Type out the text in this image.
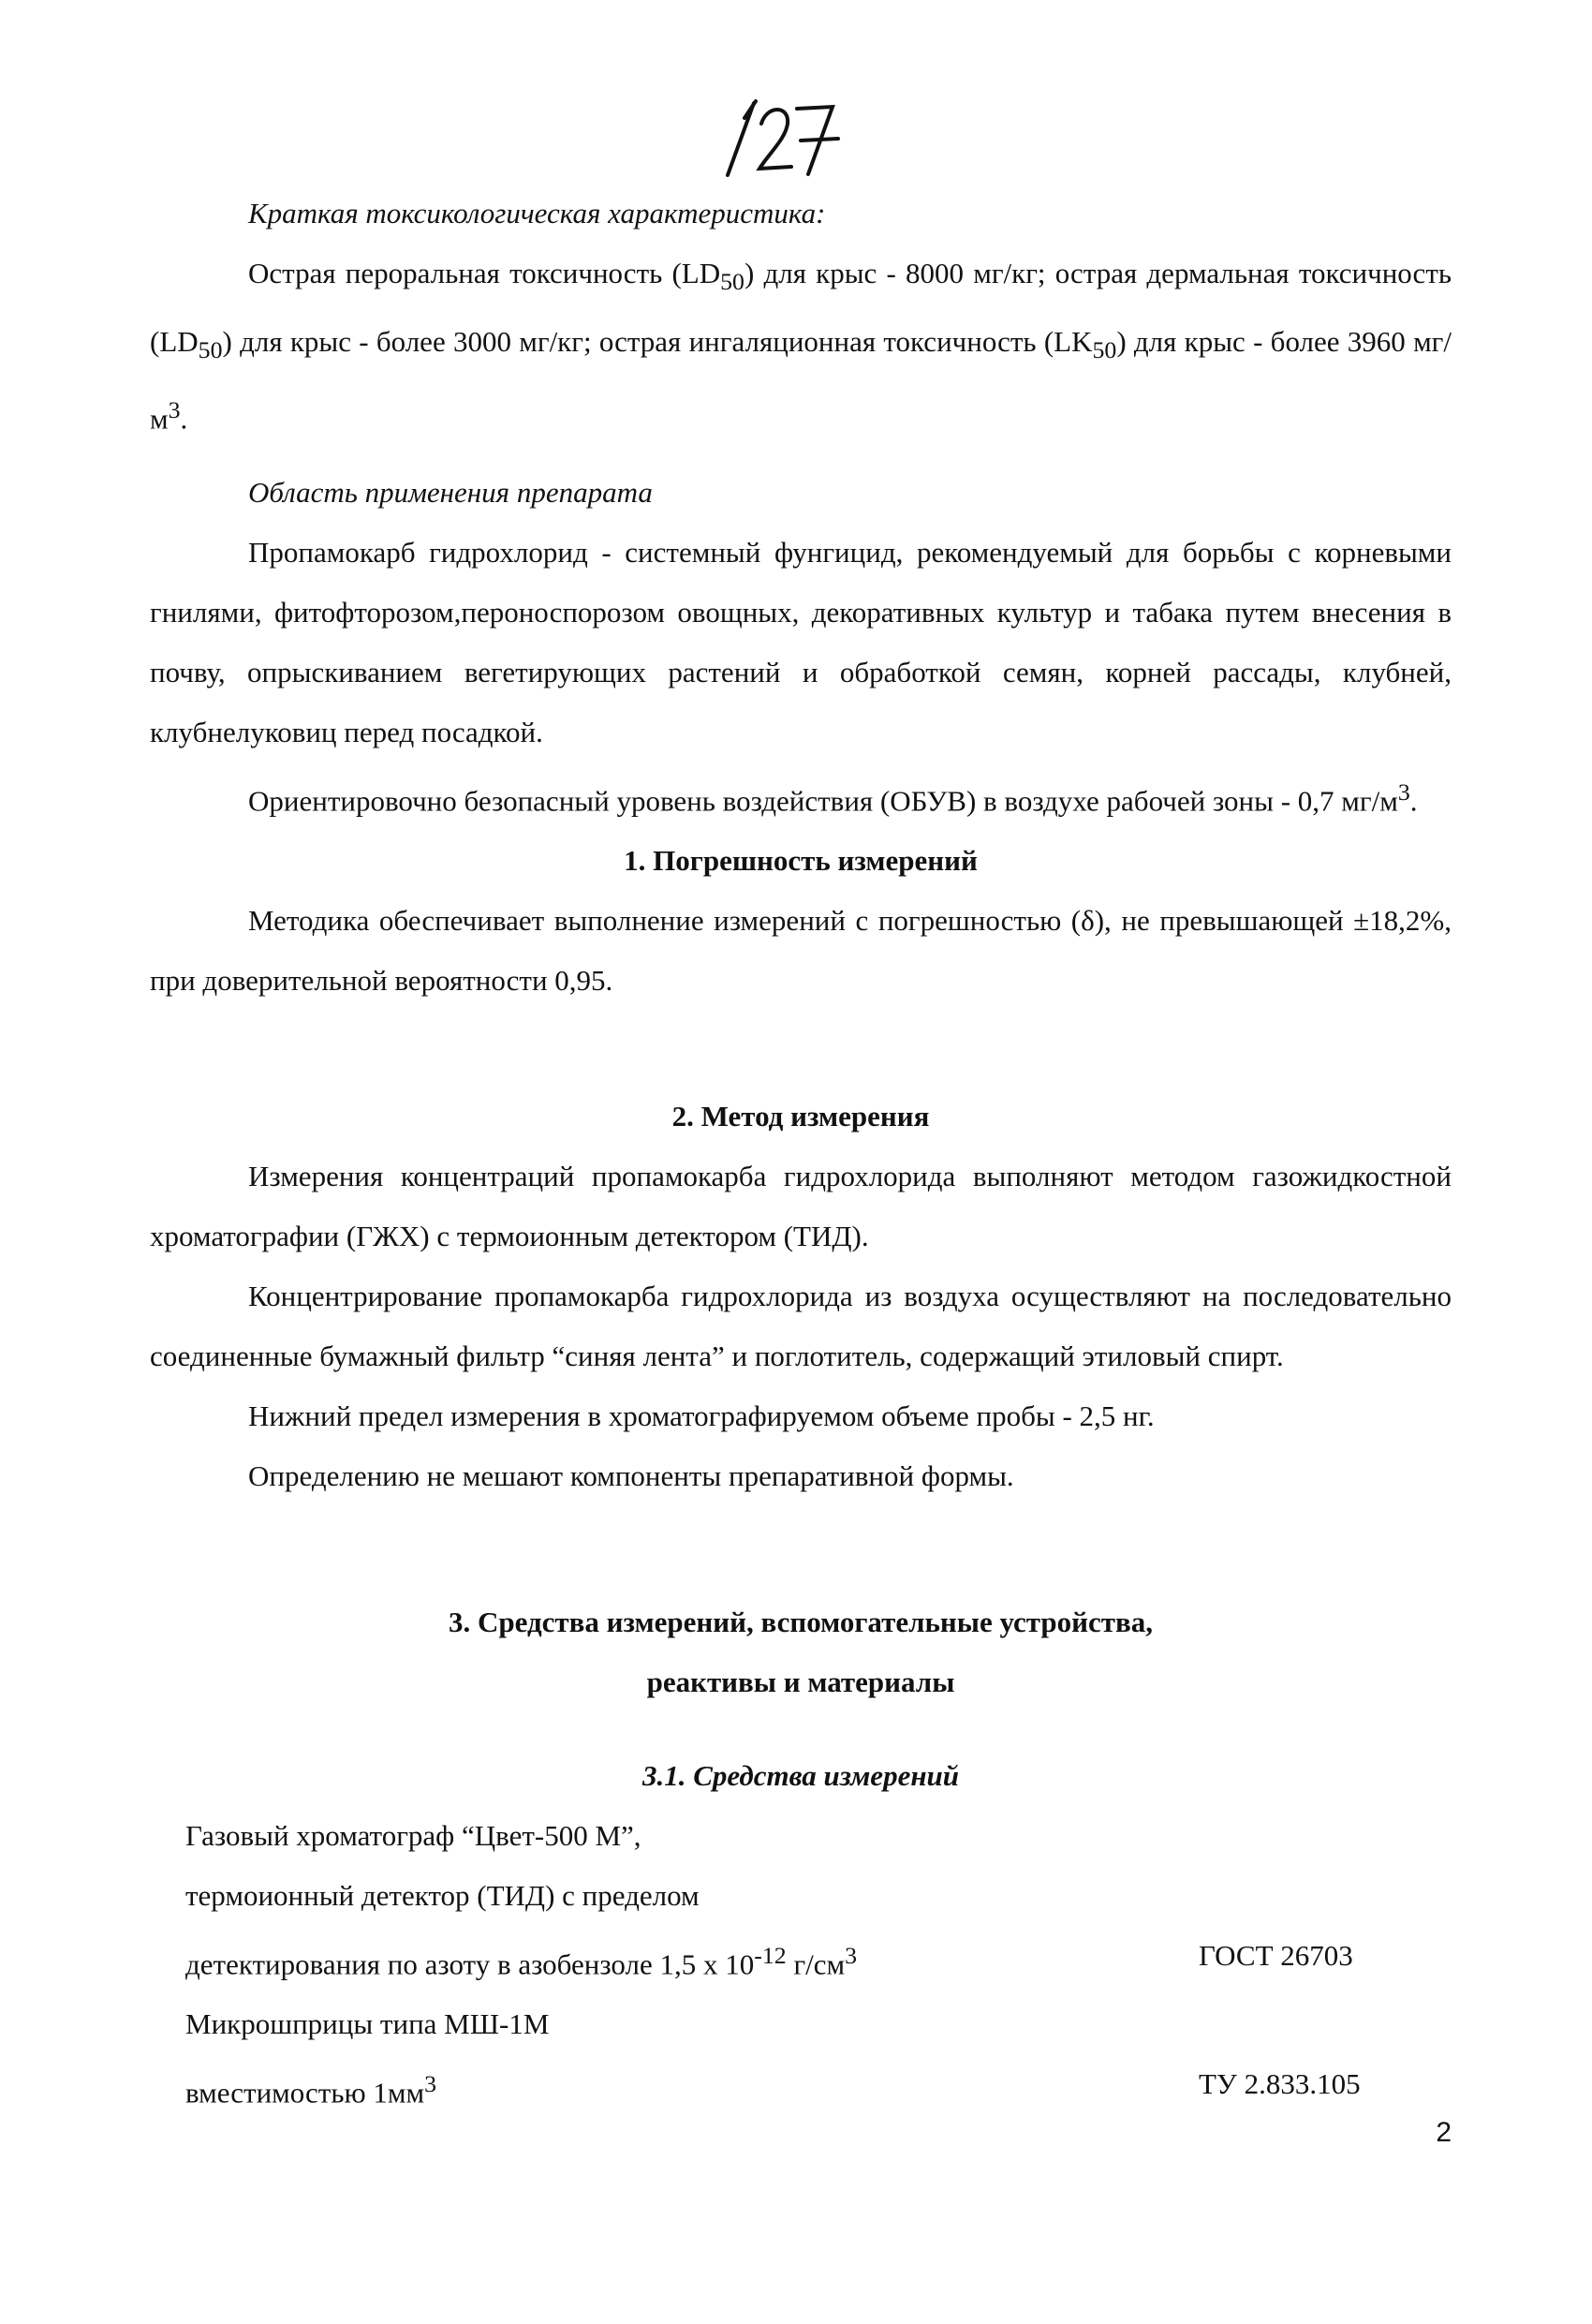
Краткая токсикологическая характеристика:

Острая пероральная токсичность $(LD_{50})$ для крыс - 8000 мг/кг; острая дермальная токсичность $(LD_{50})$ для крыс - более 3000 мг/кг; острая ингаляционная токсичность $(LK_{50})$ для крыс - более 3960 $мг/м^3$.

Область применения препарата

Пропамокарб гидрохлорид - системный фунгицид, рекомендуемый для борьбы с корневыми гнилями, фитофторозом,пероноспорозом овощных, декоративных культур и табака путем внесения в почву, опрыскиванием вегетирующих растений и обработкой семян, корней рассады, клубней, клубнелуковиц перед посадкой.

Ориентировочно безопасный уровень воздействия (ОБУВ) в воздухе рабочей зоны - 0,7 $мг/м^3$.

1. Погрешность измерений

Методика обеспечивает выполнение измерений с погрешностью (δ), не превышающей ±18,2%, при доверительной вероятности 0,95.

2. Метод измерения

Измерения концентраций пропамокарба гидрохлорида выполняют методом газожидкостной хроматографии (ГЖХ) с термоионным детектором (ТИД).

Концентрирование пропамокарба гидрохлорида из воздуха осуществляют на последовательно соединенные бумажный фильтр “синяя лента” и поглотитель, содержащий этиловый спирт.

Нижний предел измерения в хроматографируемом объеме пробы - 2,5 нг.

Определению не мешают компоненты препаративной формы.

3. Средства измерений, вспомогательные устройства,

реактивы и материалы

3.1. Средства измерений

Газовый хроматограф “Цвет-500 М”,
термоионный детектор (ТИД) с пределом
детектирования по азоту в азобензоле 1,5 х $10^{-12}$ $г/см^3$	ГОСТ 26703
Микрошприцы типа МШ-1М
вместимостью $1мм^3$	ТУ 2.833.105
2
